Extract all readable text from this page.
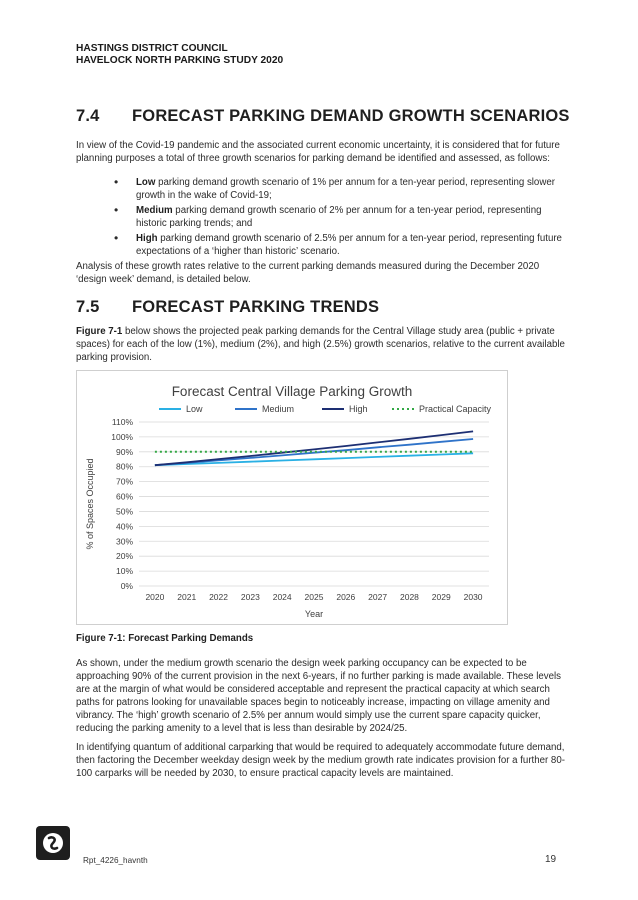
HASTINGS DISTRICT COUNCIL
HAVELOCK NORTH PARKING STUDY 2020
7.4 FORECAST PARKING DEMAND GROWTH SCENARIOS
In view of the Covid-19 pandemic and the associated current economic uncertainty, it is considered that for future planning purposes a total of three growth scenarios for parking demand be identified and assessed, as follows:
• Low parking demand growth scenario of 1% per annum for a ten-year period, representing slower growth in the wake of Covid-19;
• Medium parking demand growth scenario of 2% per annum for a ten-year period, representing historic parking trends; and
• High parking demand growth scenario of 2.5% per annum for a ten-year period, representing future expectations of a ‘higher than historic’ scenario.
Analysis of these growth rates relative to the current parking demands measured during the December 2020 ‘design week’ demand, is detailed below.
7.5 FORECAST PARKING TRENDS
Figure 7-1 below shows the projected peak parking demands for the Central Village study area (public + private spaces) for each of the low (1%), medium (2%), and high (2.5%) growth scenarios, relative to the current available parking provision.
Forecast Central Village Parking Growth
Low	Medium	High	Practical Capacity
0%
10%
20%
30%
40%
50%
60%
70%
80%
90%
100%
110%
2020 2021 2022 2023 2024 2025 2026 2027 2028 2029 2030
Year
% of Spaces Occupied
Figure 7-1: Forecast Parking Demands
As shown, under the medium growth scenario the design week parking occupancy can be expected to be approaching 90% of the current provision in the next 6-years, if no further parking is made available. These levels are at the margin of what would be considered acceptable and represent the practical capacity at which search paths for patrons looking for unavailable spaces begin to noticeably increase, impacting on village amenity and vibrancy. The ‘high’ growth scenario of 2.5% per annum would simply use the current spare capacity quicker, reducing the parking amenity to a level that is less than desirable by 2024/25.
In identifying quantum of additional carparking that would be required to adequately accommodate future demand, then factoring the December weekday design week by the medium growth rate indicates provision for a further 80-100 carparks will be needed by 2030, to ensure practical capacity levels are maintained.
Rpt_4226_havnth	19
